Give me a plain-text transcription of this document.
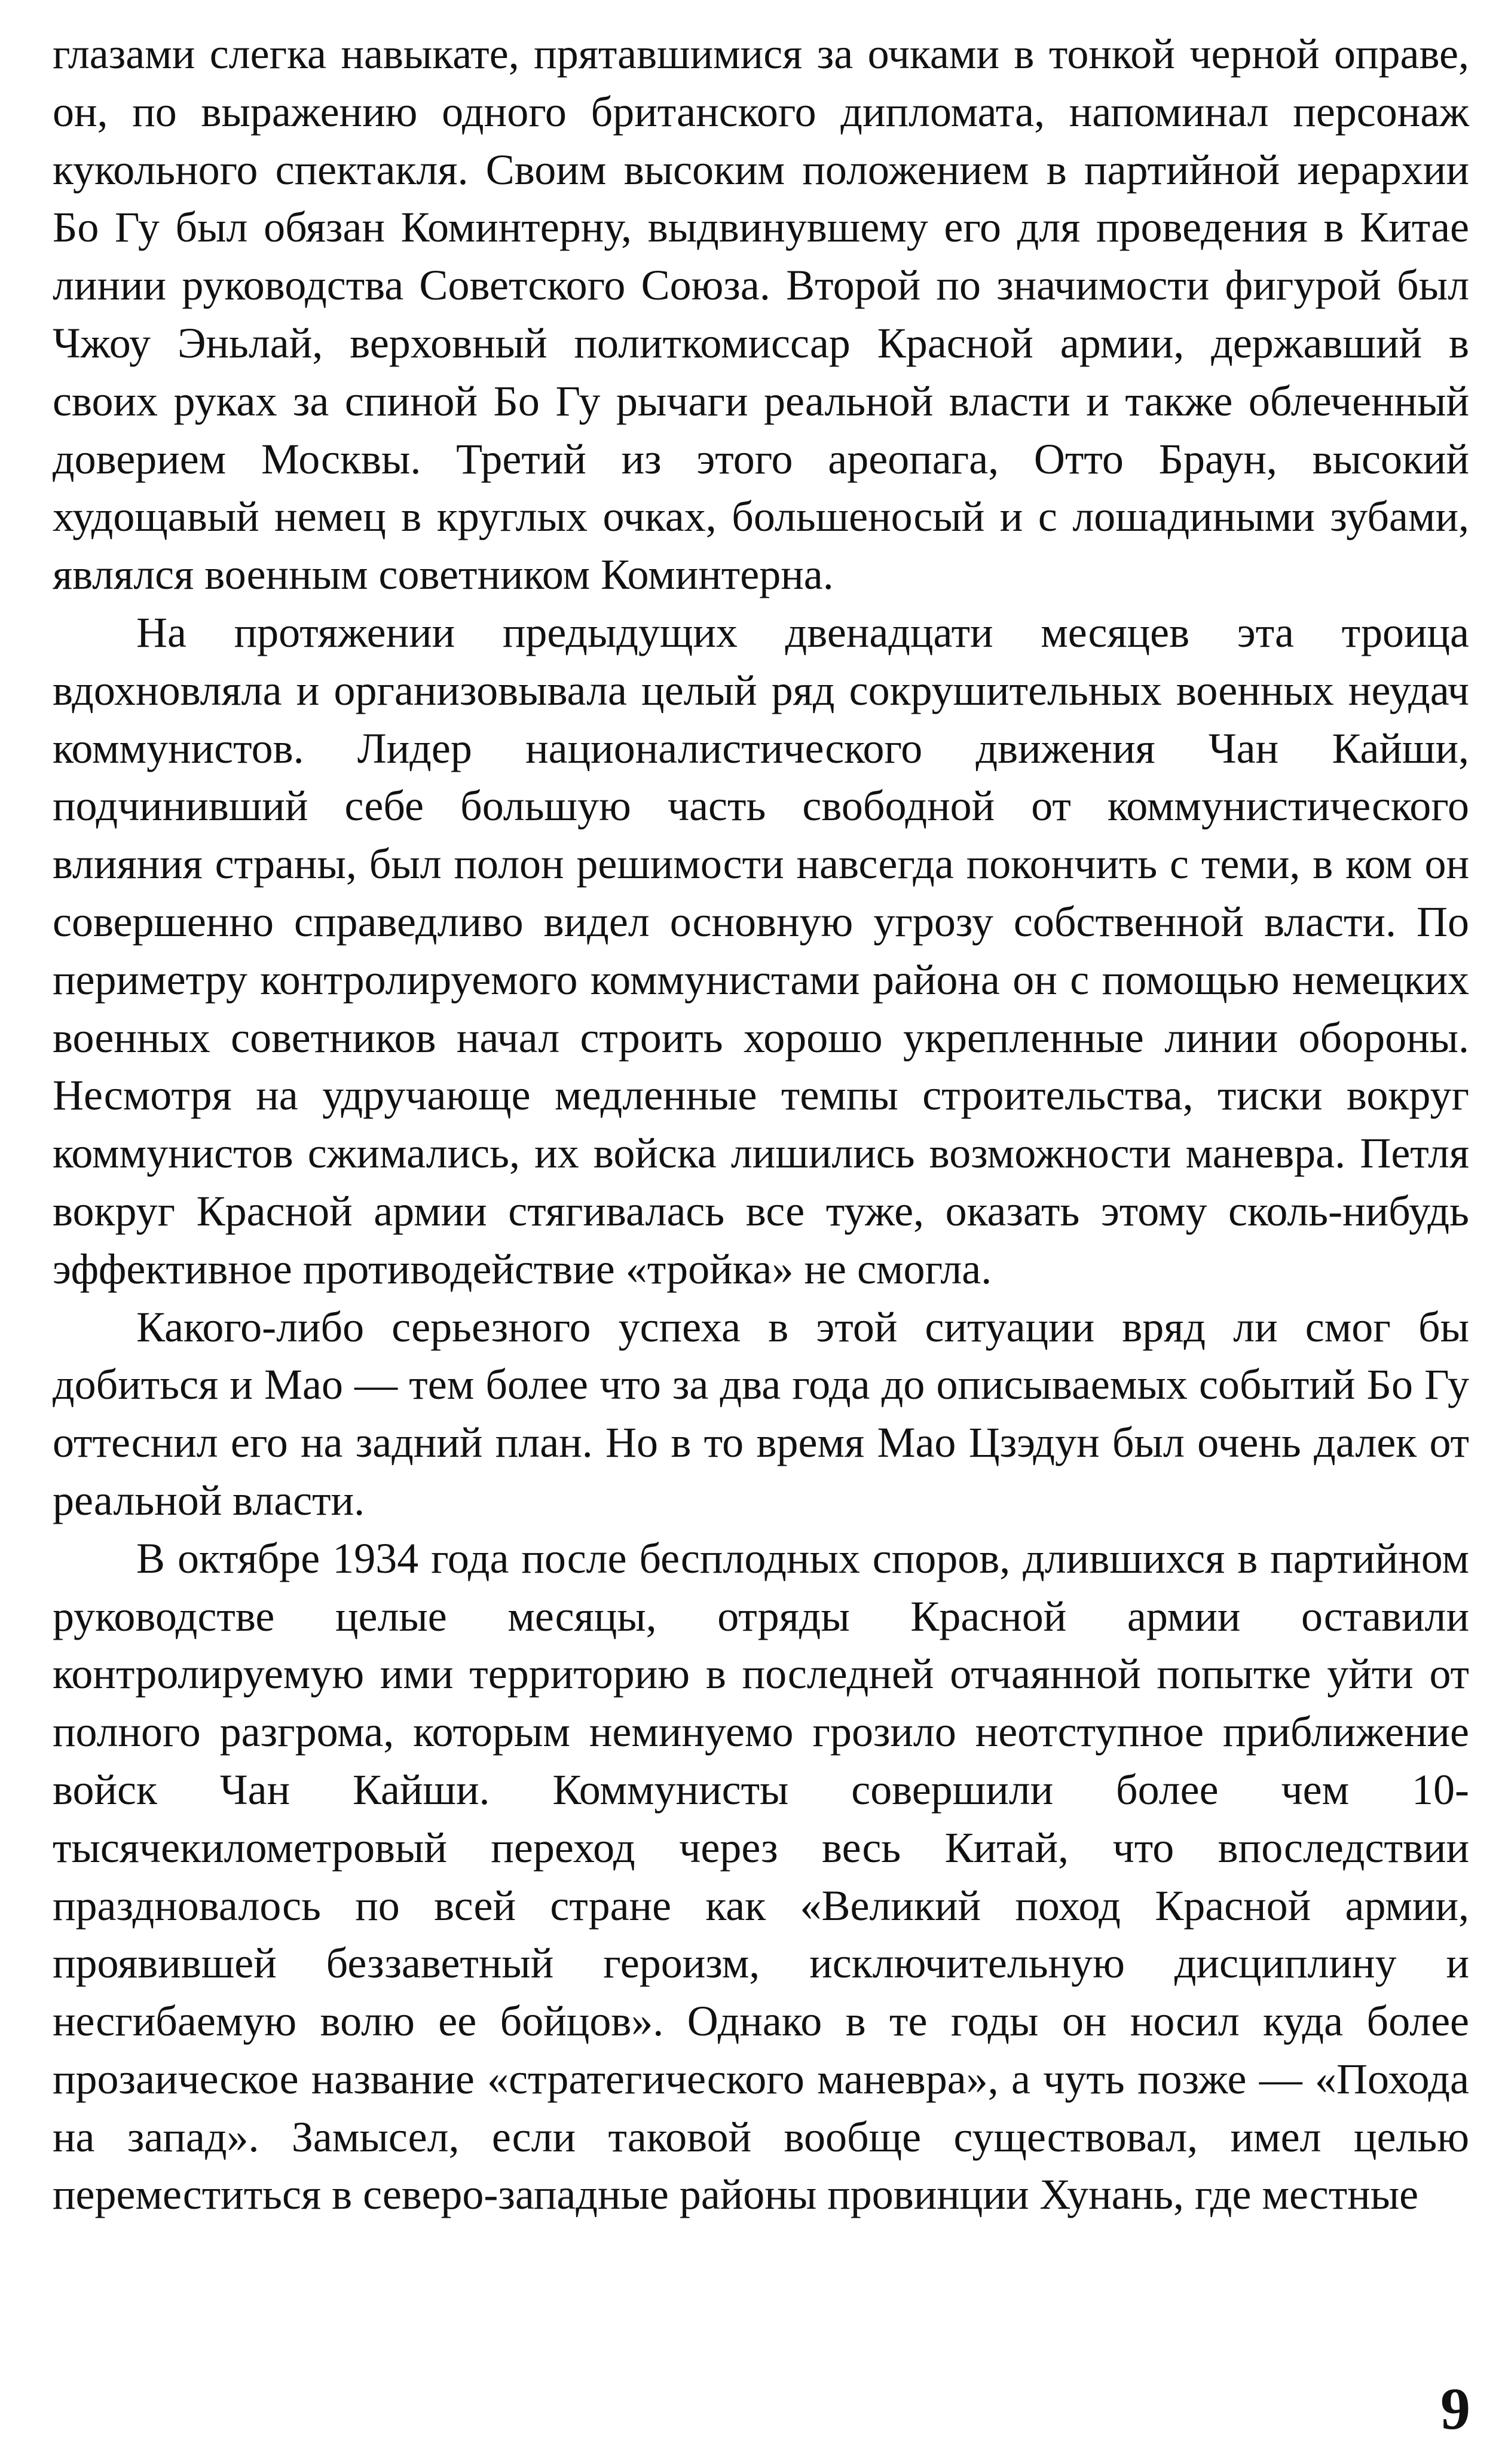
глазами слегка навыкате, прятавшимися за очками в тонкой черной оправе, он, по выражению одного британского дипломата, напоминал персонаж кукольного спектакля. Своим высоким положением в партийной иерархии Бо Гу был обязан Коминтерну, выдвинувшему его для проведения в Китае линии руководства Советского Союза. Второй по значимости фигурой был Чжоу Эньлай, верховный политкомиссар Красной армии, державший в своих руках за спиной Бо Гу рычаги реальной власти и также облеченный доверием Москвы. Третий из этого ареопага, Отто Браун, высокий худощавый немец в круглых очках, большеносый и с лошадиными зубами, являлся военным советником Коминтерна.

На протяжении предыдущих двенадцати месяцев эта троица вдохновляла и организовывала целый ряд сокрушительных военных неудач коммунистов. Лидер националистического движения Чан Кайши, подчинивший себе большую часть свободной от коммунистического влияния страны, был полон решимости навсегда покончить с теми, в ком он совершенно справедливо видел основную угрозу собственной власти. По периметру контролируемого коммунистами района он с помощью немецких военных советников начал строить хорошо укрепленные линии обороны. Несмотря на удручающе медленные темпы строительства, тиски вокруг коммунистов сжимались, их войска лишились возможности маневра. Петля вокруг Красной армии стягивалась все туже, оказать этому сколь-нибудь эффективное противодействие «тройка» не смогла.

Какого-либо серьезного успеха в этой ситуации вряд ли смог бы добиться и Мао — тем более что за два года до описываемых событий Бо Гу оттеснил его на задний план. Но в то время Мао Цзэдун был очень далек от реальной власти.

В октябре 1934 года после бесплодных споров, длившихся в партийном руководстве целые месяцы, отряды Красной армии оставили контролируемую ими территорию в последней отчаянной попытке уйти от полного разгрома, которым неминуемо грозило неотступное приближение войск Чан Кайши. Коммунисты совершили более чем 10-тысячекилометровый переход через весь Китай, что впоследствии праздновалось по всей стране как «Великий поход Красной армии, проявившей беззаветный героизм, исключительную дисциплину и несгибаемую волю ее бойцов». Однако в те годы он носил куда более прозаическое название «стратегического маневра», а чуть позже — «Похода на запад». Замысел, если таковой вообще существовал, имел целью переместиться в северо-западные районы провинции Хунань, где местные

9
